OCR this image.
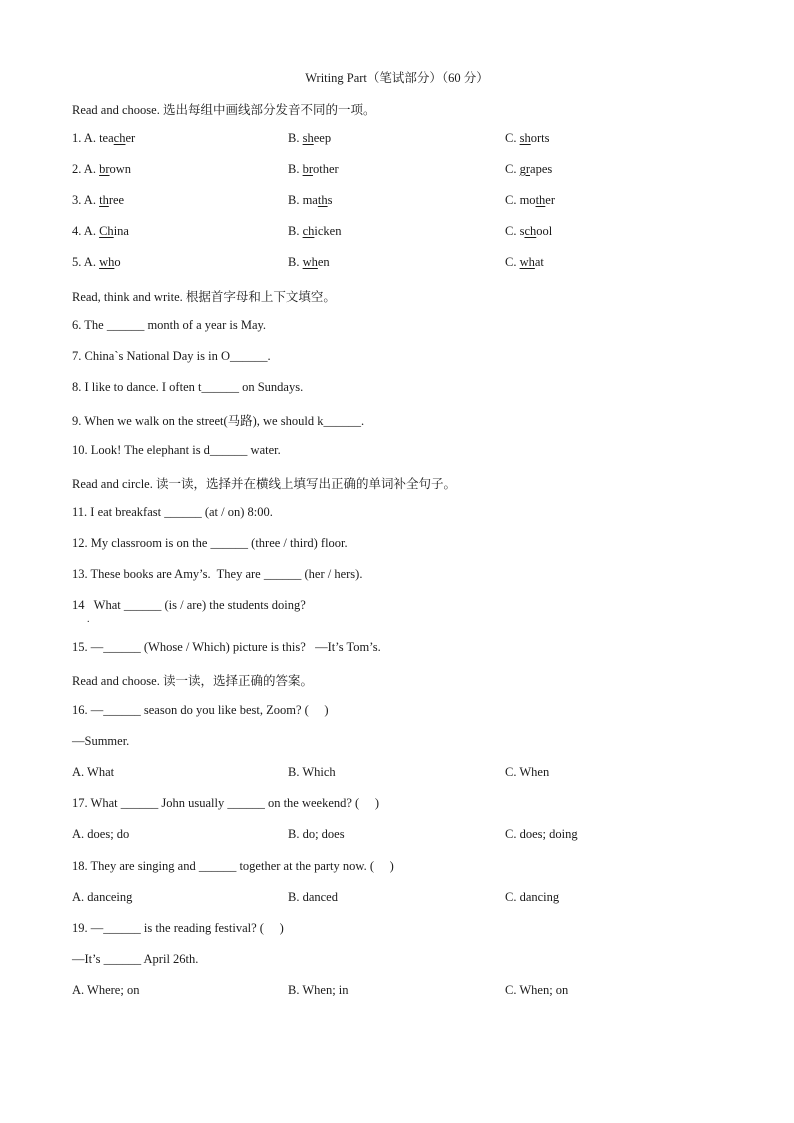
Writing Part（笔试部分）（60 分）
Read and choose. 选出每组中画线部分发音不同的一项。
1. A. teacher	B. sheep	C. shorts
2. A. brown	B. brother	C. grapes
3. A. three	B. maths	C. mother
4. A. China	B. chicken	C. school
5. A. who	B. when	C. what
Read, think and write. 根据首字母和上下文填空。
6. The ______ month of a year is May.
7. China`s National Day is in O______.
8. I like to dance. I often t______ on Sundays.
9. When we walk on the street(马路), we should k______.
10. Look! The elephant is d______ water.
Read and circle. 读一读，选择并在横线上填写出正确的单词补全句子。
11. I eat breakfast ______ (at / on) 8:00.
12. My classroom is on the ______ (three / third) floor.
13. These books are Amy’s.  They are ______ (her / hers).
14   What ______ (is / are) the students doing?
.
15. —______ (Whose / Which) picture is this?   —It’s Tom’s.
Read and choose. 读一读，选择正确的答案。
16. —______ season do you like best, Zoom? (     )
—Summer.
A. What	B. Which	C. When
17. What ______ John usually ______ on the weekend? (     )
A. does; do	B. do; does	C. does; doing
18. They are singing and ______ together at the party now. (     )
A. danceing	B. danced	C. dancing
19. —______ is the reading festival? (     )
—It’s ______ April 26th.
A. Where; on	B. When; in	C. When; on
